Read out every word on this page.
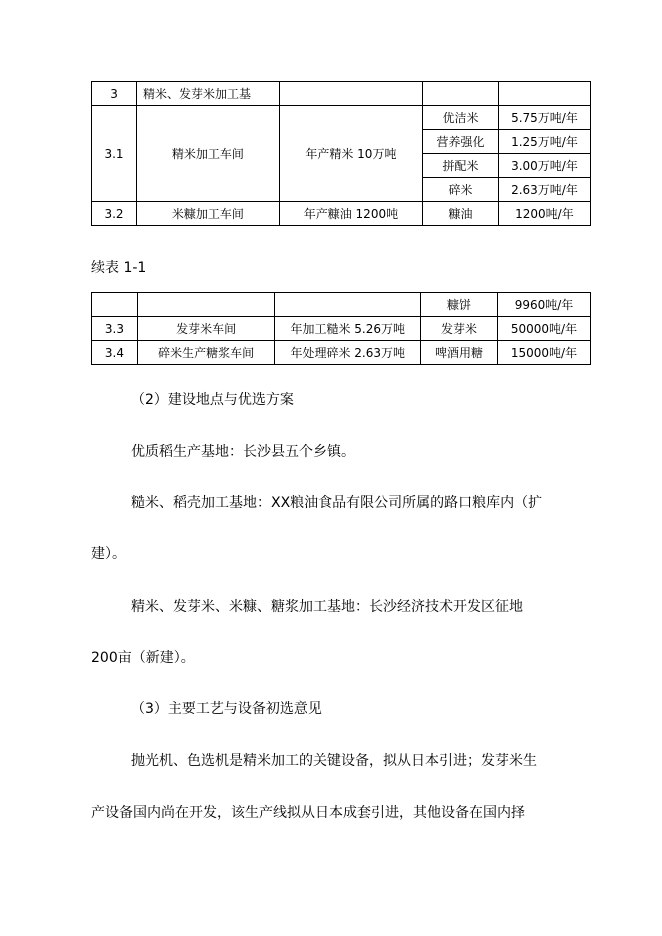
3	精米、发芽米加工基			
3.1	精米加工车间	年产精米 10万吨	优洁米	5.75万吨/年
			营养强化	1.25万吨/年
			拼配米	3.00万吨/年
			碎米	2.63万吨/年
3.2	米糠加工车间	年产糠油 1200吨	糠油	1200吨/年
续表 1-1
			糠饼	9960吨/年
3.3	发芽米车间	年加工糙米 5.26万吨	发芽米	50000吨/年
3.4	碎米生产糖浆车间	年处理碎米 2.63万吨	啤酒用糖	15000吨/年
（2）建设地点与优选方案
优质稻生产基地：长沙县五个乡镇。
糙米、稻壳加工基地：XX粮油食品有限公司所属的路口粮库内（扩
建）。
精米、发芽米、米糠、糖浆加工基地：长沙经济技术开发区征地
200亩（新建）。
（3）主要工艺与设备初选意见
抛光机、色选机是精米加工的关键设备，拟从日本引进；发芽米生
产设备国内尚在开发，该生产线拟从日本成套引进，其他设备在国内择
